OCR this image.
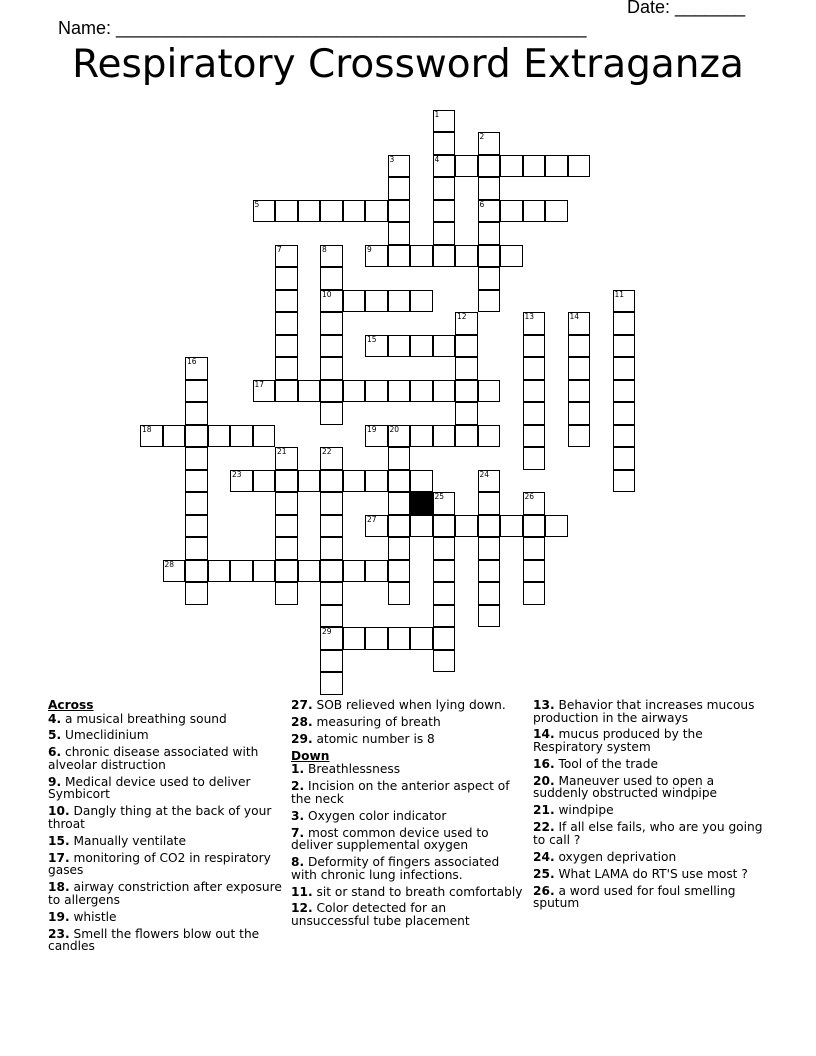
Name: _______________________________________________

Date: _______

Respiratory Crossword Extraganza
1
4
2
6
3
5
7	8
10
9
11
12	13	14
15
16
17
18	19 20
21	22
29
23	24
25	26
27
28
Across
4. a musical breathing sound
5. Umeclidinium
6. chronic disease associated with alveolar distruction
9. Medical device used to deliver Symbicort
10. Dangly thing at the back of your throat
15. Manually ventilate
17. monitoring of CO2 in respiratory gases
18. airway constriction after exposure to allergens
19. whistle
23. Smell the flowers blow out the candles
27. SOB relieved when lying down.
28. measuring of breath
29. atomic number is 8
Down
1. Breathlessness
2. Incision on the anterior aspect of the neck
3. Oxygen color indicator
7. most common device used to deliver supplemental oxygen
8. Deformity of fingers associated with chronic lung infections.
11. sit or stand to breath comfortably
12. Color detected for an unsuccessful tube placement
13. Behavior that increases mucous production in the airways
14. mucus produced by the Respiratory system
16. Tool of the trade
20. Maneuver used to open a suddenly obstructed windpipe
21. windpipe
22. If all else fails, who are you going to call ?
24. oxygen deprivation
25. What LAMA do RT'S use most ?
26. a word used for foul smelling sputum
